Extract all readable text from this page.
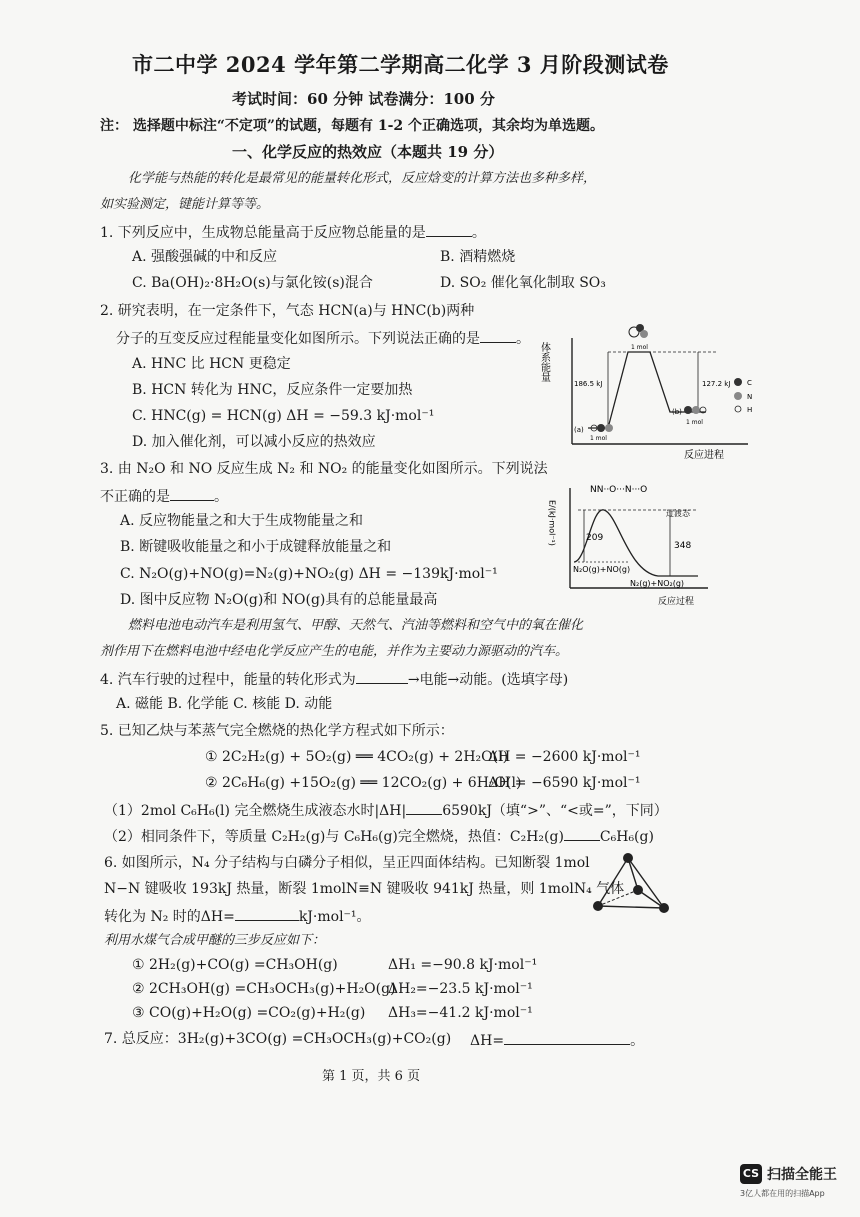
市二中学 2024 学年第二学期高二化学 3 月阶段测试卷
考试时间：60 分钟 试卷满分：100 分
注： 选择题中标注“不定项”的试题，每题有 1-2 个正确选项，其余均为单选题。
一、化学反应的热效应（本题共 19 分）
化学能与热能的转化是最常见的能量转化形式，反应焓变的计算方法也多种多样，
如实验测定，键能计算等等。
1. 下列反应中，生成物总能量高于反应物总能量的是	。
A. 强酸强碱的中和反应	B. 酒精燃烧
C. Ba(OH)₂·8H₂O(s)与氯化铵(s)混合	D. SO₂ 催化氧化制取 SO₃
2. 研究表明，在一定条件下，气态 HCN(a)与 HNC(b)两种
分子的互变反应过程能量变化如图所示。下列说法正确的是	。
A. HNC 比 HCN 更稳定
B. HCN 转化为 HNC，反应条件一定要加热
C. HNC(g) = HCN(g) ΔH = −59.3 kJ·mol⁻¹
D. 加入催化剂，可以减小反应的热效应
体系能量
反应进程
186.5 kJ	127.2 kJ
1 mol
(a)
1 mol
(b)
1 mol
C
N
H
3. 由 N₂O 和 NO 反应生成 N₂ 和 NO₂ 的能量变化如图所示。下列说法
不正确的是	。
A. 反应物能量之和大于生成物能量之和
B. 断键吸收能量之和小于成键释放能量之和
C. N₂O(g)+NO(g)=N₂(g)+NO₂(g) ΔH = −139kJ·mol⁻¹
D. 图中反应物 N₂O(g)和 NO(g)具有的总能量最高
E/(kJ·mol⁻¹)
反应过程
NN··O···N···O
过渡态
209
348
N₂O(g)+NO(g)
N₂(g)+NO₂(g)
燃料电池电动汽车是利用氢气、甲醇、天然气、汽油等燃料和空气中的氧在催化
剂作用下在燃料电池中经电化学反应产生的电能，并作为主要动力源驱动的汽车。
4. 汽车行驶的过程中，能量的转化形式为	→电能→动能。(选填字母)
A. 磁能 B. 化学能 C. 核能 D. 动能
5. 已知乙炔与苯蒸气完全燃烧的热化学方程式如下所示：
① 2C₂H₂(g) + 5O₂(g) ══ 4CO₂(g) + 2H₂O(l)
ΔH = −2600 kJ·mol⁻¹
② 2C₆H₆(g) +15O₂(g) ══ 12CO₂(g) + 6H₂O(l)
ΔH = −6590 kJ·mol⁻¹
（1）2mol C₆H₆(l) 完全燃烧生成液态水时|ΔH|	6590kJ（填“>”、“<或=”，下同）
（2）相同条件下，等质量 C₂H₂(g)与 C₆H₆(g)完全燃烧，热值：C₂H₂(g)	C₆H₆(g)
6. 如图所示，N₄ 分子结构与白磷分子相似，呈正四面体结构。已知断裂 1mol
N−N 键吸收 193kJ 热量，断裂 1molN≡N 键吸收 941kJ 热量，则 1molN₄ 气体
转化为 N₂ 时的ΔH=	kJ·mol⁻¹。
利用水煤气合成甲醚的三步反应如下：
① 2H₂(g)+CO(g) =CH₃OH(g)	ΔH₁ =−90.8 kJ·mol⁻¹
② 2CH₃OH(g) =CH₃OCH₃(g)+H₂O(g)
ΔH₂=−23.5 kJ·mol⁻¹
③ CO(g)+H₂O(g) =CO₂(g)+H₂(g) ΔH₃=−41.2 kJ·mol⁻¹
7. 总反应：3H₂(g)+3CO(g) =CH₃OCH₃(g)+CO₂(g) ΔH=	。
第 1 页，共 6 页
CS 扫描全能王
3亿人都在用的扫描App
